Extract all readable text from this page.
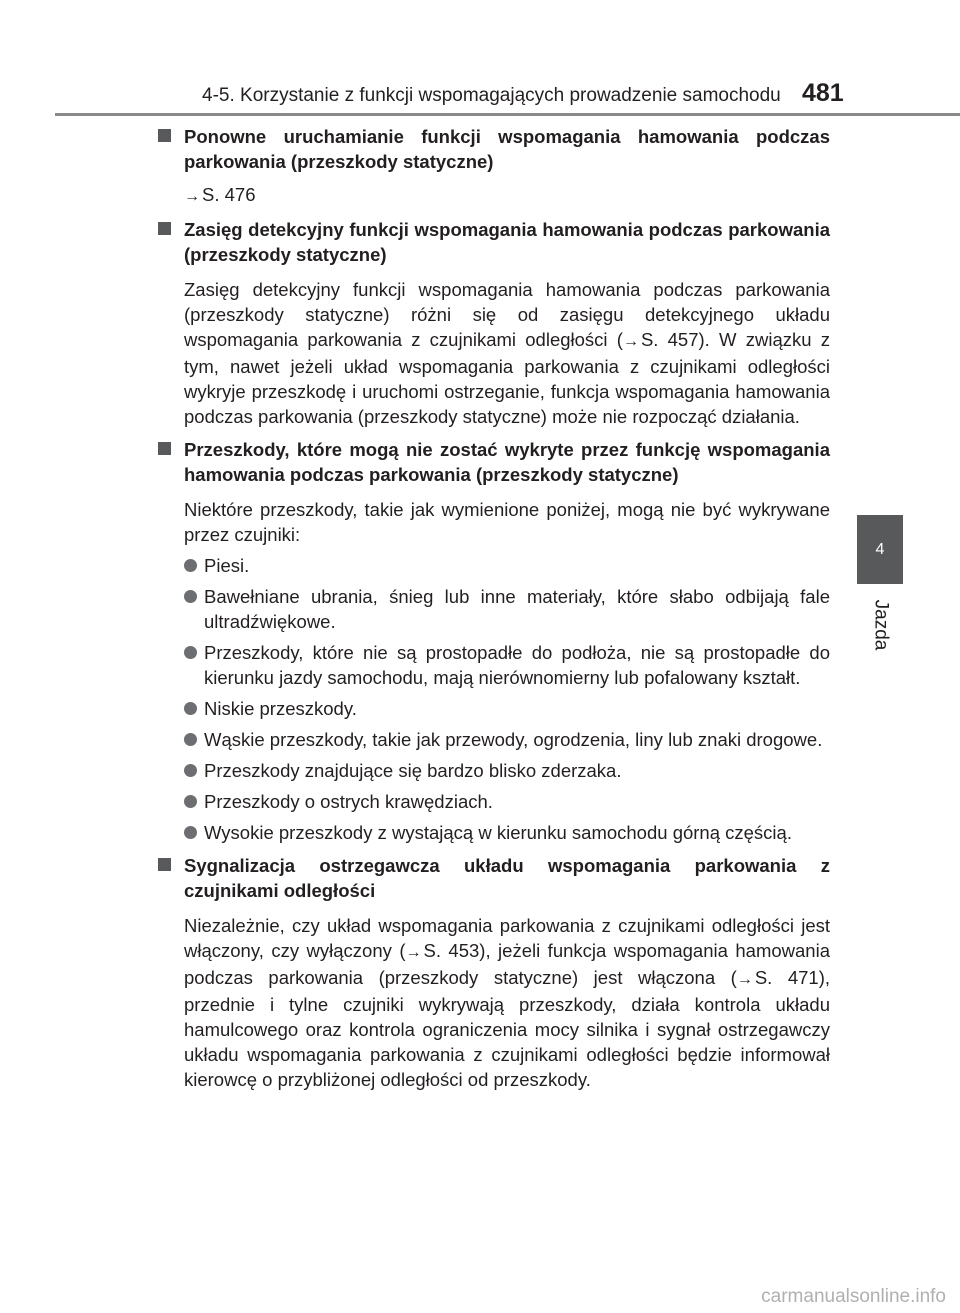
4-5. Korzystanie z funkcji wspomagających prowadzenie samochodu 481
4
Jazda
Ponowne uruchamianie funkcji wspomagania hamowania podczas parkowania (przeszkody statyczne)
→ S. 476
Zasięg detekcyjny funkcji wspomagania hamowania podczas parkowania (przeszkody statyczne)
Zasięg detekcyjny funkcji wspomagania hamowania podczas parkowania (przeszkody statyczne) różni się od zasięgu detekcyjnego układu wspomagania parkowania z czujnikami odległości (→ S. 457). W związku z tym, nawet jeżeli układ wspomagania parkowania z czujnikami odległości wykryje przeszkodę i uruchomi ostrzeganie, funkcja wspomagania hamowania podczas parkowania (przeszkody statyczne) może nie rozpocząć działania.
Przeszkody, które mogą nie zostać wykryte przez funkcję wspomagania hamowania podczas parkowania (przeszkody statyczne)
Niektóre przeszkody, takie jak wymienione poniżej, mogą nie być wykrywane przez czujniki:
Piesi.
Bawełniane ubrania, śnieg lub inne materiały, które słabo odbijają fale ultradźwiękowe.
Przeszkody, które nie są prostopadłe do podłoża, nie są prostopadłe do kierunku jazdy samochodu, mają nierównomierny lub pofalowany kształt.
Niskie przeszkody.
Wąskie przeszkody, takie jak przewody, ogrodzenia, liny lub znaki drogowe.
Przeszkody znajdujące się bardzo blisko zderzaka.
Przeszkody o ostrych krawędziach.
Wysokie przeszkody z wystającą w kierunku samochodu górną częścią.
Sygnalizacja ostrzegawcza układu wspomagania parkowania z czujnikami odległości
Niezależnie, czy układ wspomagania parkowania z czujnikami odległości jest włączony, czy wyłączony (→ S. 453), jeżeli funkcja wspomagania hamowania podczas parkowania (przeszkody statyczne) jest włączona (→ S. 471), przednie i tylne czujniki wykrywają przeszkody, działa kontrola układu hamulcowego oraz kontrola ograniczenia mocy silnika i sygnał ostrzegawczy układu wspomagania parkowania z czujnikami odległości będzie informował kierowcę o przybliżonej odległości od przeszkody.
carmanualsonline.info
